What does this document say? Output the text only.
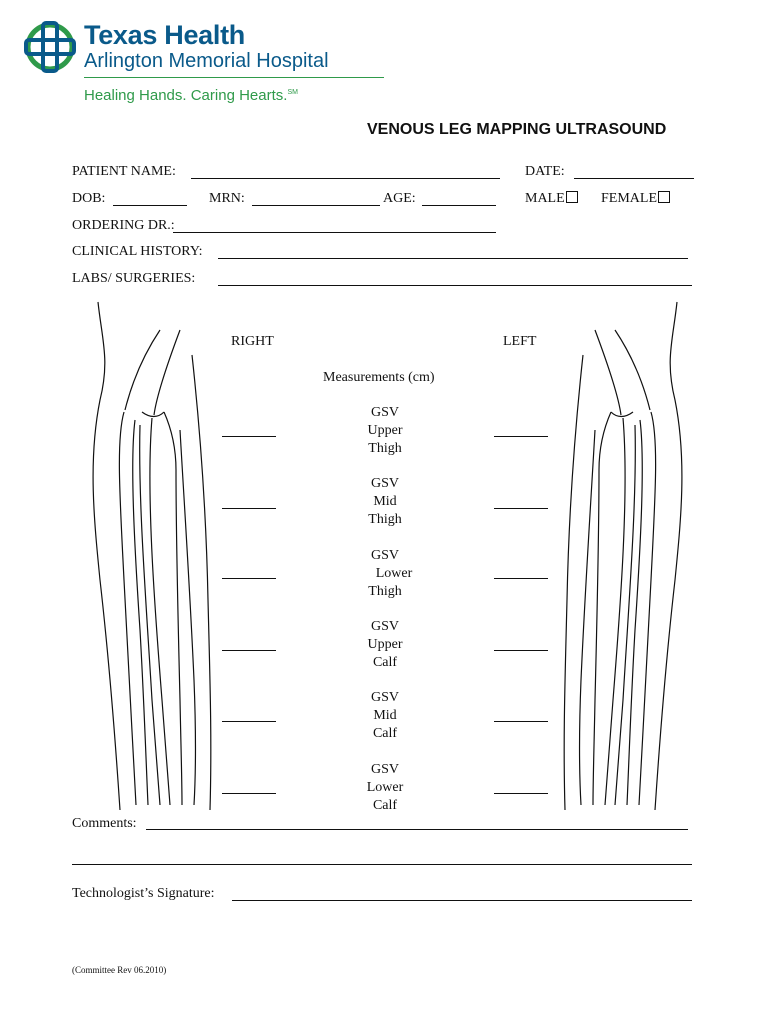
Texas Health
Arlington Memorial Hospital
Healing Hands. Caring Hearts.℠
VENOUS LEG MAPPING ULTRASOUND
PATIENT NAME:	DATE:
DOB:	MRN:	AGE:	MALE	FEMALE
ORDERING DR.:
CLINICAL HISTORY:
LABS/ SURGERIES:
RIGHT	LEFT
Measurements (cm)
GSV
Upper
Thigh
GSV
Mid
Thigh
GSV
Lower
Thigh
GSV
Upper
Calf
GSV
Mid
Calf
GSV
Lower
Calf
Comments:
Technologist’s Signature:
(Committee Rev 06.2010)
